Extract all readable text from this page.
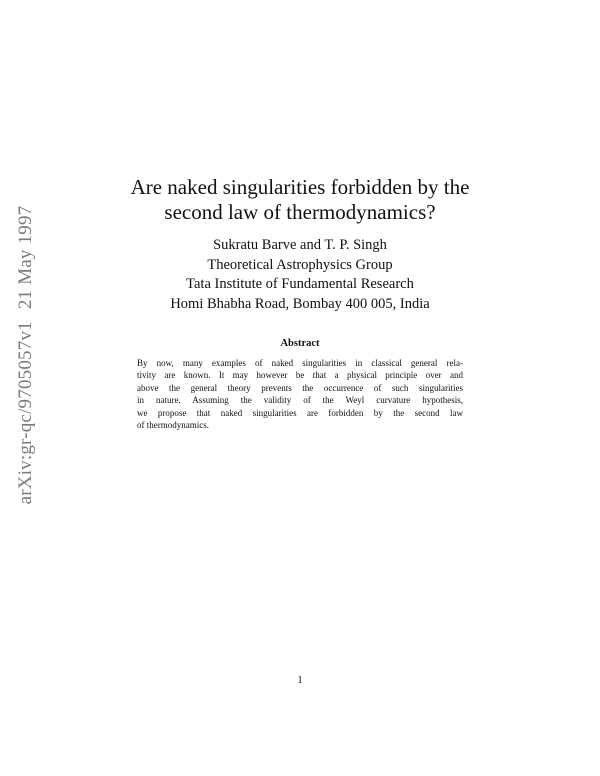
arXiv:gr-qc/9705057v121 May 1997
Are naked singularities forbidden by the
second law of thermodynamics?
Sukratu Barve and T. P. Singh
Theoretical Astrophysics Group
Tata Institute of Fundamental Research
Homi Bhabha Road, Bombay 400 005, India
Abstract
By now, many examples of naked singularities in classical general rela-
tivity are known. It may however be that a physical principle over and
above the general theory prevents the occurrence of such singularities
in nature. Assuming the validity of the Weyl curvature hypothesis,
we propose that naked singularities are forbidden by the second law
of thermodynamics.
1
